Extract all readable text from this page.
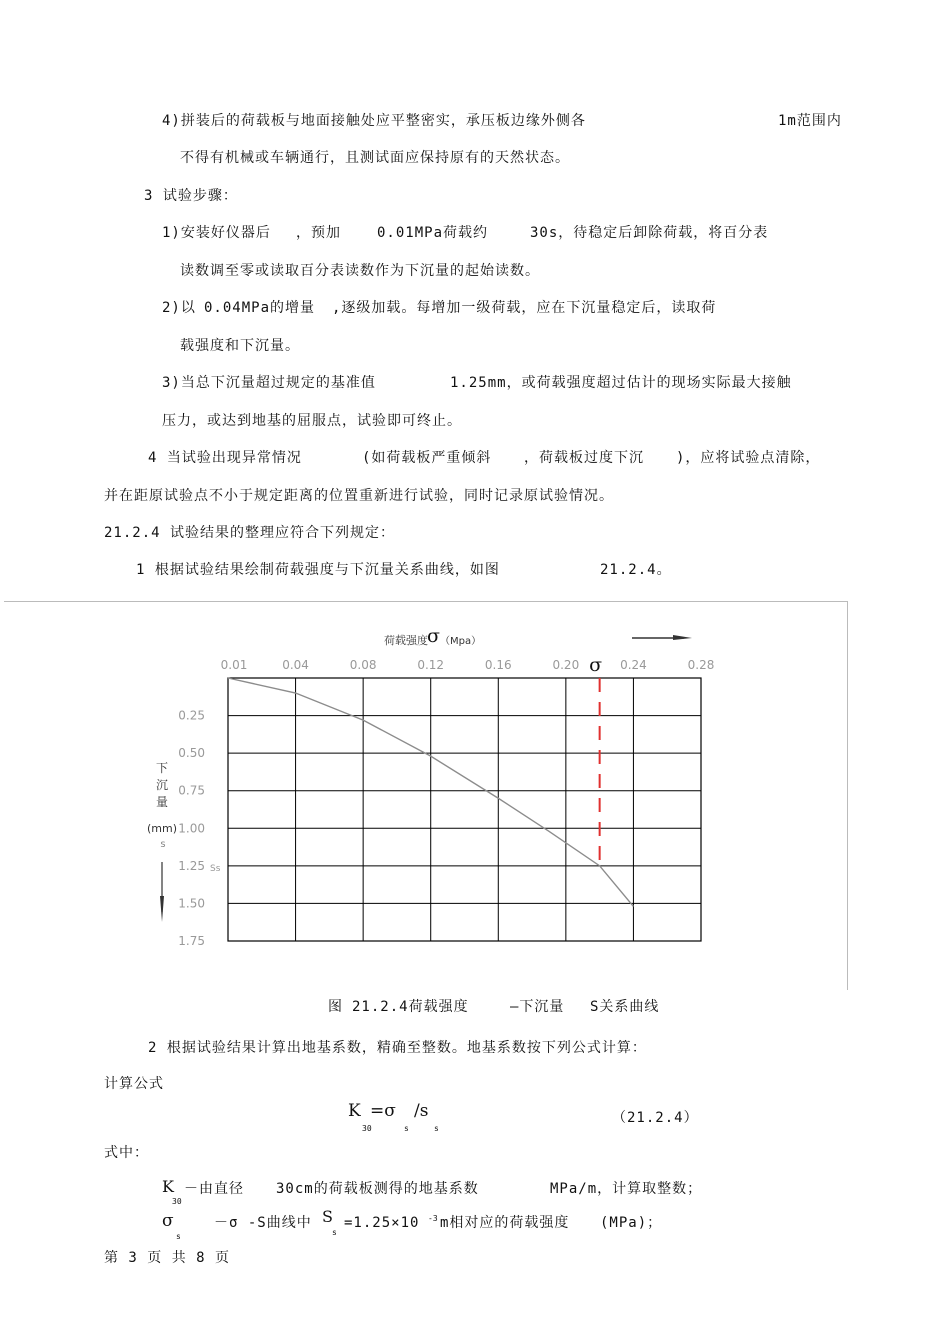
4)拼装后的荷载板与地面接触处应平整密实，承压板边缘外侧各	1m范围内
不得有机械或车辆通行，且测试面应保持原有的天然状态。
3 试验步骤：
1)安装好仪器后 ，预加	0.01MPa荷载约	30s，待稳定后卸除荷载，将百分表
读数调至零或读取百分表读数作为下沉量的起始读数。
2)以 0.04MPa的增量 ,逐级加载。每增加一级荷载，应在下沉量稳定后，读取荷
载强度和下沉量。
3)当总下沉量超过规定的基准值	1.25mm，或荷载强度超过估计的现场实际最大接触
压力，或达到地基的屈服点，试验即可终止。
4 当试验出现异常情况	(如荷载板严重倾斜 ，荷载板过度下沉 )，应将试验点清除，
并在距原试验点不小于规定距离的位置重新进行试验，同时记录原试验情况。
21.2.4 试验结果的整理应符合下列规定：
1 根据试验结果绘制荷载强度与下沉量关系曲线，如图	21.2.4。
0.01	0.04	0.08	0.12	0.16	0.20	0.24	0.28
0.25
0.50
0.75
1.00
1.25
1.50
1.75
荷载强度 σ （Mpa）
下
沉
量
(mm)
s
Ss
σ
图 21.2.4荷载强度	—下沉量 S关系曲线
2 根据试验结果计算出地基系数，精确至整数。地基系数按下列公式计算：
计算公式
K
30
=σ
s
/s
s
（21.2.4）
式中：
K
30
－由直径 30cm的荷载板测得的地基系数	MPa/m，计算取整数；
σ
s
－σ -S曲线中 S
s
=1.25×10 -3 m相对应的荷载强度 (MPa)；
第 3 页 共 8 页
